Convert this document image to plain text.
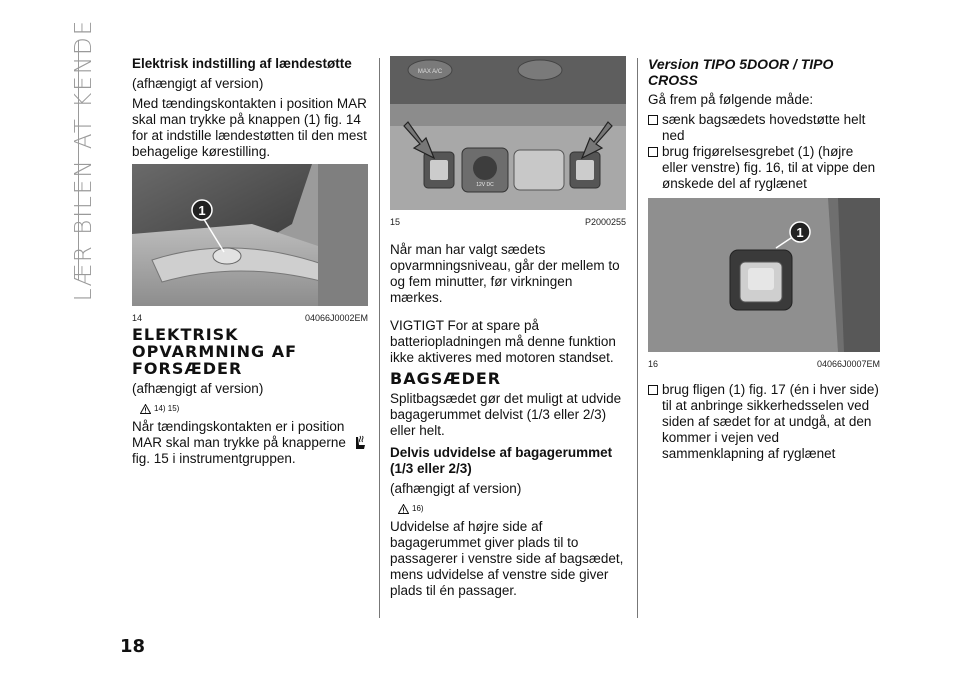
LÆR BILEN AT KENDE
18

Elektrisk indstilling af lændestøtte

(afhængigt af version)

Med tændingskontakten i position MAR skal man trykke på knappen (1) fig. 14 for at indstille lændestøtten til den mest behagelige kørestilling.

1
14	04066J0002EM

ELEKTRISK OPVARMNING AF FORSÆDER

(afhængigt af version)

14) 15)

Når tændingskontakten er i position MAR skal man trykke på knapperne

fig. 15 i instrumentgruppen.

MAX A/C
12V DC
15	P2000255

Når man har valgt sædets opvarmningsniveau, går der mellem to og fem minutter, før virkningen mærkes.

VIGTIGT For at spare på batteriopladningen må denne funktion ikke aktiveres med motoren standset.

BAGSÆDER

Splitbagsædet gør det muligt at udvide bagagerummet delvist (1/3 eller 2/3) eller helt.

Delvis udvidelse af bagagerummet (1/3 eller 2/3)

(afhængigt af version)

16)

Udvidelse af højre side af bagagerummet giver plads til to passagerer i venstre side af bagsædet, mens udvidelse af venstre side giver plads til én passager.

Version TIPO 5DOOR / TIPO CROSS

Gå frem på følgende måde:

sænk bagsædets hovedstøtte helt ned
brug frigørelsesgrebet (1) (højre eller venstre) fig. 16, til at vippe den ønskede del af ryglænet
1
16	04066J0007EM
brug fligen (1) fig. 17 (én i hver side) til at anbringe sikkerhedsselen ved siden af sædet for at undgå, at den kommer i vejen ved sammenklapning af ryglænet
